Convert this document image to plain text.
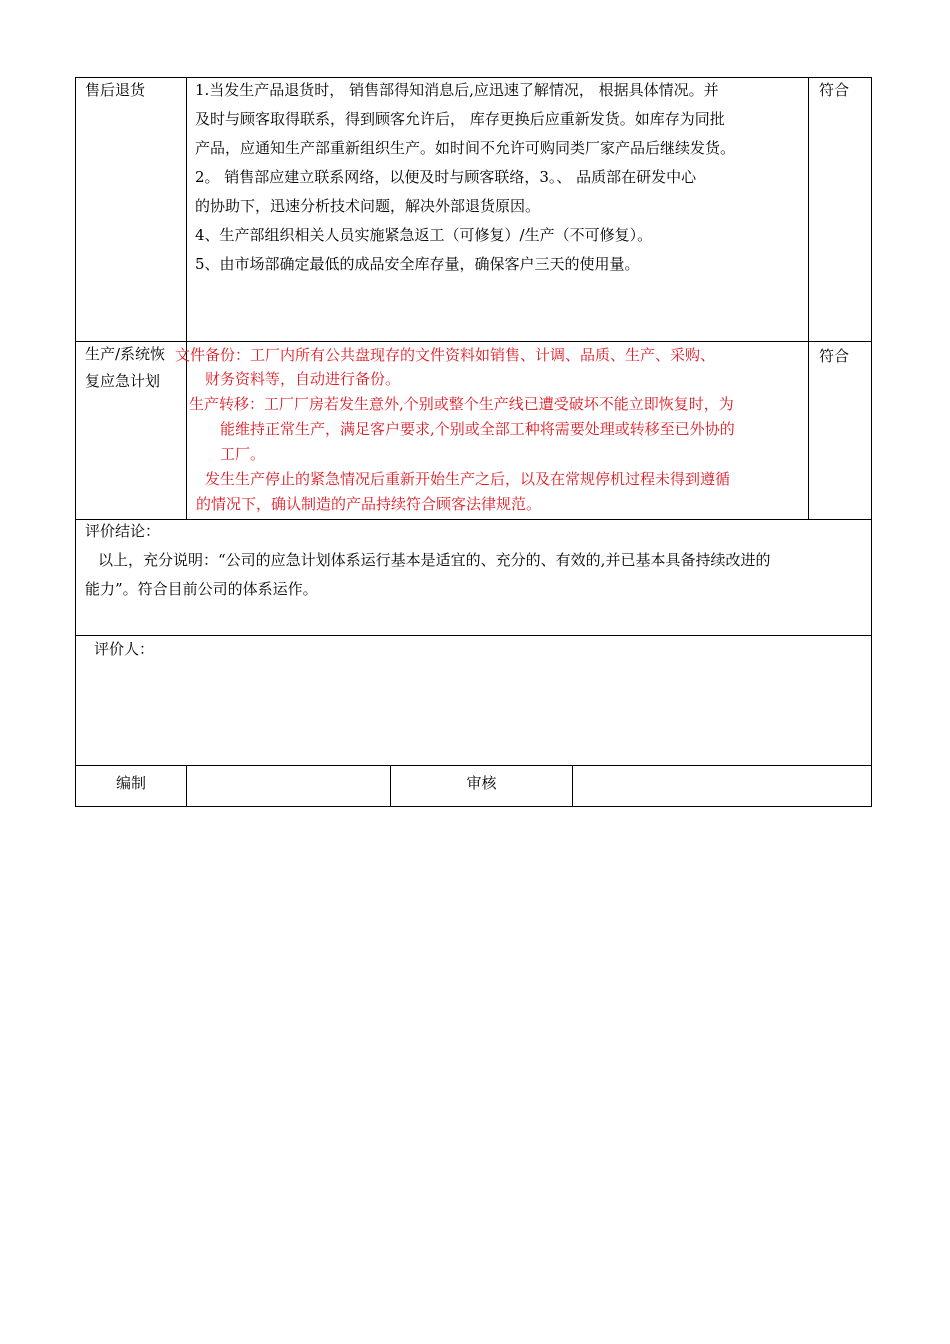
售后退货	1.当发生产品退货时， 销售部得知消息后,应迅速了解情况， 根据具体情况。并

及时与顾客取得联系，得到顾客允许后， 库存更换后应重新发货。如库存为同批

产品，应通知生产部重新组织生产。如时间不允许可购同类厂家产品后继续发货。

2。 销售部应建立联系网络，以便及时与顾客联络，3。、 品质部在研发中心

的协助下，迅速分析技术问题，解决外部退货原因。

4、生产部组织相关人员实施紧急返工（可修复）/生产（不可修复）。

5、由市场部确定最低的成品安全库存量，确保客户三天的使用量。

符合

生产/系统恢

复应急计划

文件备份：工厂内所有公共盘现存的文件资料如销售、计调、品质、生产、采购、

财务资料等，自动进行备份。

生产转移：工厂厂房若发生意外,个别或整个生产线已遭受破坏不能立即恢复时，为

能维持正常生产，满足客户要求,个别或全部工种将需要处理或转移至已外协的

工厂。

发生生产停止的紧急情况后重新开始生产之后，以及在常规停机过程未得到遵循

的情况下，确认制造的产品持续符合顾客法律规范。

符合

评价结论：

以上，充分说明：“公司的应急计划体系运行基本是适宜的、充分的、有效的,并已基本具备持续改进的

能力”。符合目前公司的体系运作。

评价人：
编制	审核
